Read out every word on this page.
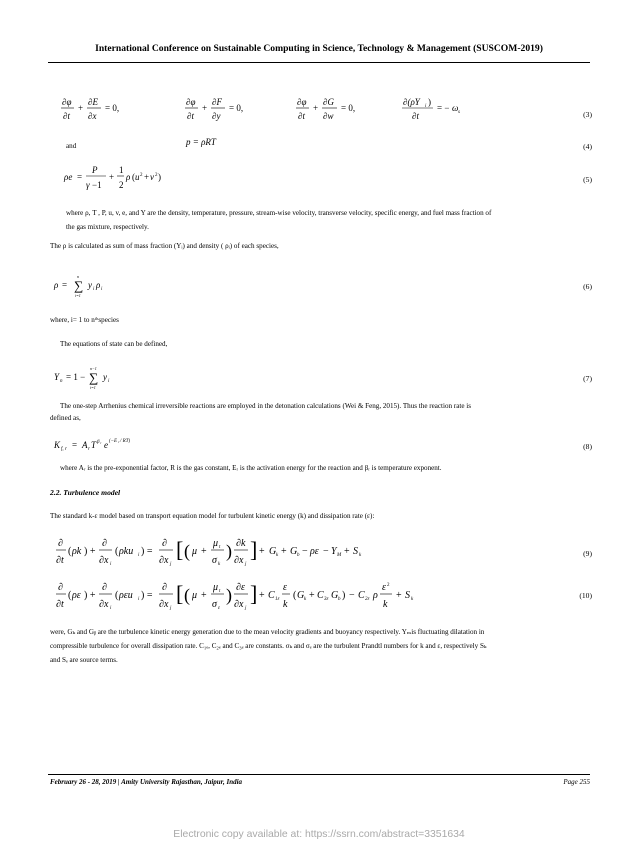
International Conference on Sustainable Computing in Science, Technology & Management (SUSCOM-2019)
∂φ
∂t
+
∂E
∂x
= 0,
∂φ
∂t
+
∂F
∂y
= 0,
∂φ
∂t
+
∂G
∂w
= 0,
∂(ρY i )
∂t
= − ω s	(3)
and	p = ρRT	(4)
ρe =
P
γ −1
+
1
2
ρ ( u 2 + v 2 )	(5)
where ρ, T , P, u, v, e, and Y are the density, temperature, pressure, stream-wise velocity, transverse velocity, specific energy, and fuel mass fraction of
the gas mixture, respectively.
The ρ is calculated as sum of mass fraction (Yᵢ) and density ( ρᵢ) of each species,
ρ = ∑
n
i=1
y i ρ i	(6)
where, i= 1 to nᵗʰspecies
The equations of state can be defined,
Y n = 1 − ∑
n−1
i=1
y i	(7)
The one-step Arrhenius chemical irreversible reactions are employed in the detonation calculations (Wei & Feng, 2015). Thus the reaction rate is
defined as,
K f, r = A r T β r e (−E r / RT)
(8)
where Aᵣ is the pre-exponential factor, R is the gas constant, Eᵣ is the activation energy for the reaction and βᵣ is temperature exponent.
2.2. Turbulence model
The standard k-ε model based on transport equation model for turbulent kinetic energy (k) and dissipation rate (ε):
∂
∂t
( ρk ) +
∂
∂x i
( ρku i ) =
∂
∂x j
[ ( μ +
μ t
σ k
) ∂k
∂x j
] + G k + G b − ρε − Y M + S k	(9)
∂
∂t
( ρε ) +
∂
∂x i
( ρεu i ) =
∂
∂x j
[ ( μ +
μ t
σ ε
) ∂ε
∂x j
] + C 1ε
ε
k
( G k + C 3ε G b ) − C 2ε ρ
ε 2
k
+ S k	(10)
were, Gₖ and Gᵦ are the turbulence kinetic energy generation due to the mean velocity gradients and buoyancy respectively. Yₘis fluctuating dilatation in
compressible turbulence for overall dissipation rate. C₁ₑ, C₂ₑ and C₃ₑ are constants. σₖ and σₑ are the turbulent Prandtl numbers for k and ε, respectively Sₖ
and Sₑ are source terms.
February 26 - 28, 2019 | Amity University Rajasthan, Jaipur, India	Page 255
Electronic copy available at: https://ssrn.com/abstract=3351634
